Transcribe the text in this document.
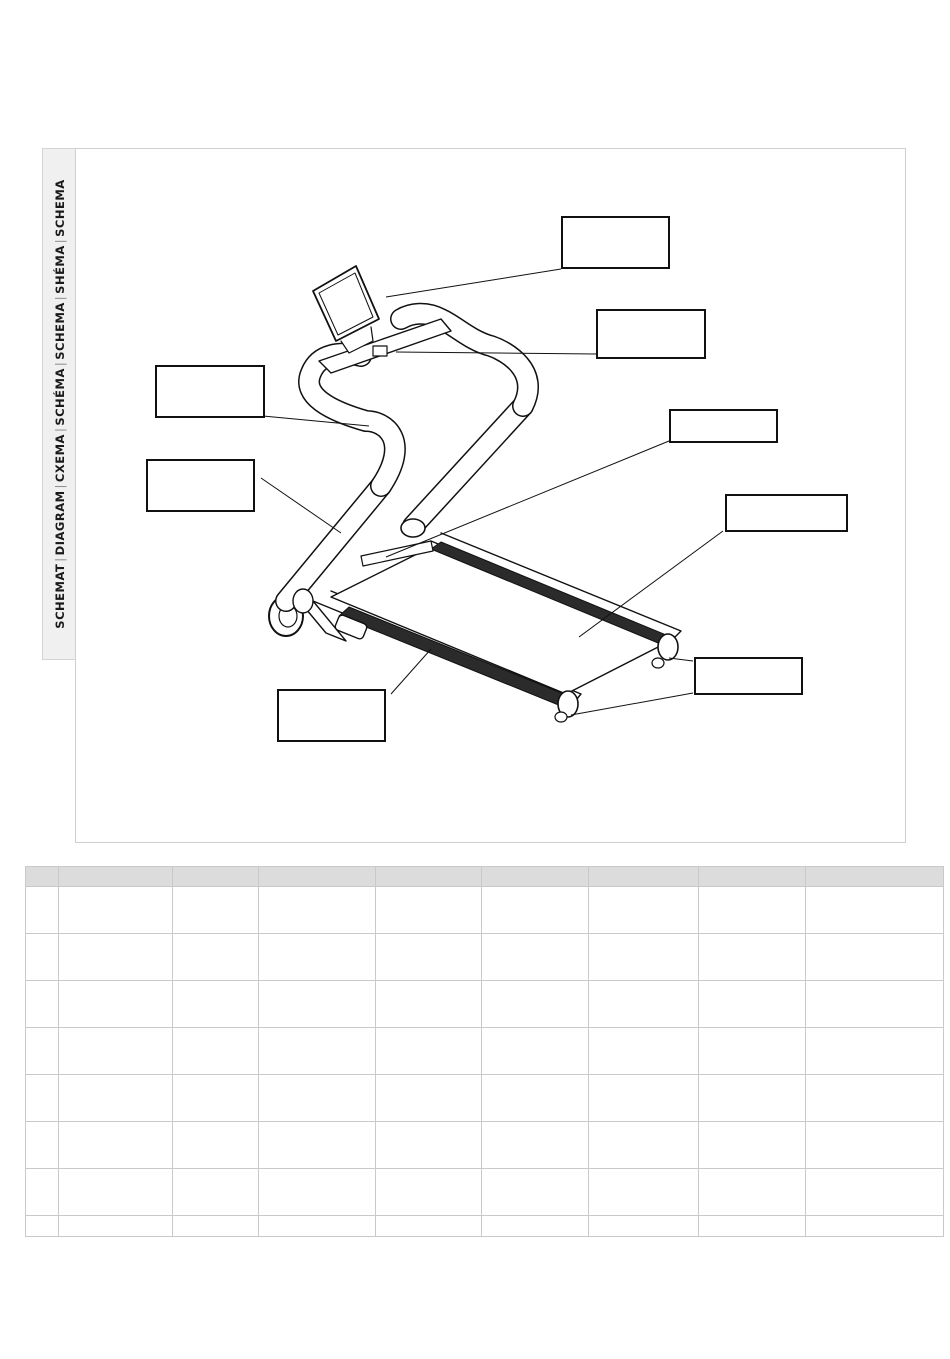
SCHEMAT|DIAGRAM|CXEMA|SCHÉMA|SCHEMA|SHÉMA|SCHEMA
